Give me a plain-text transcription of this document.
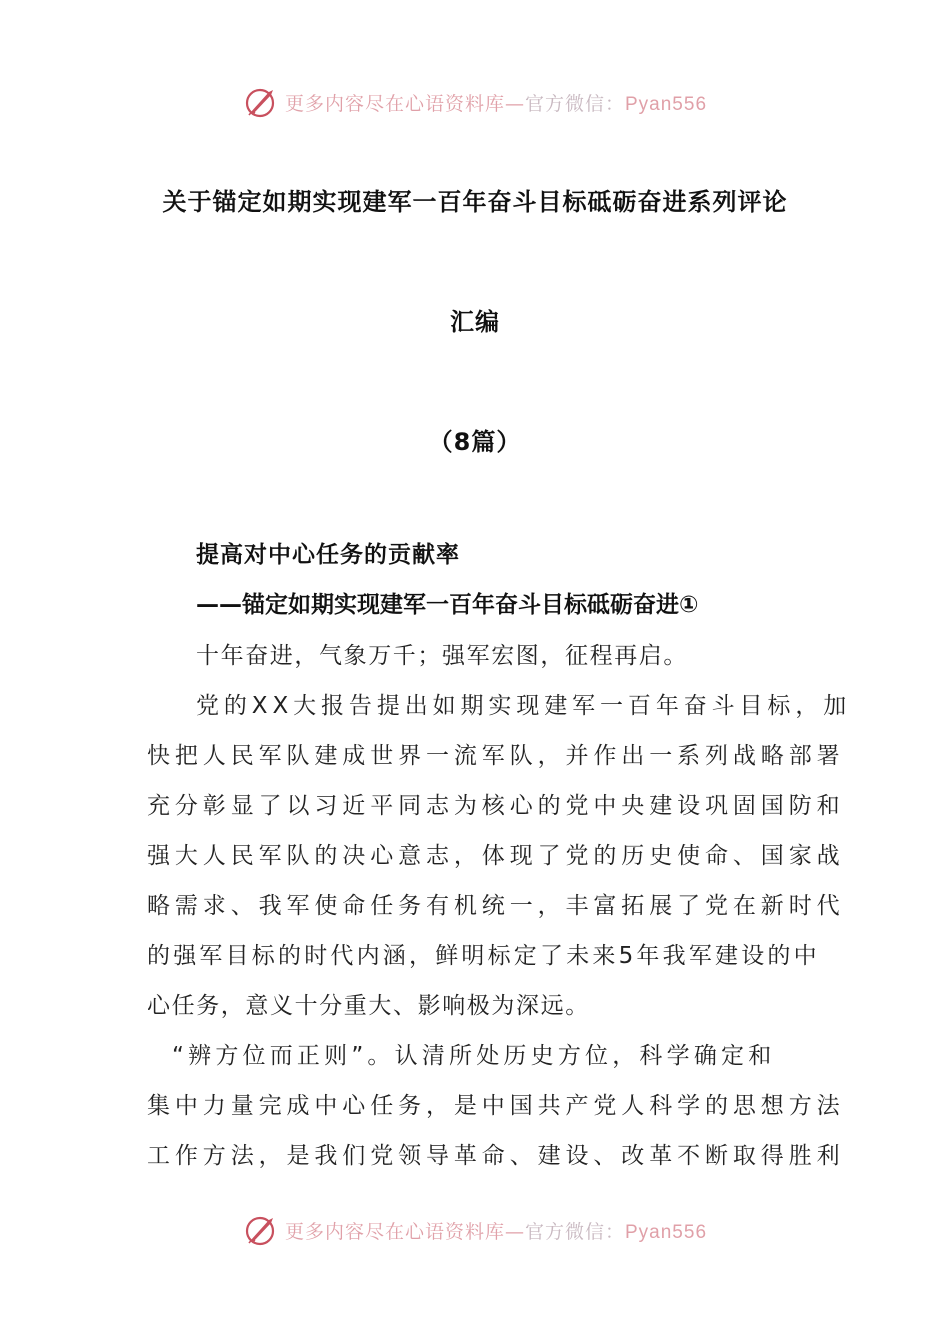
更多内容尽在心语资料库—官方微信：Pyan556
关于锚定如期实现建军一百年奋斗目标砥砺奋进系列评论
汇编
（8篇）
提高对中心任务的贡献率
——锚定如期实现建军一百年奋斗目标砥砺奋进①
十年奋进，气象万千；强军宏图，征程再启。
党的XX大报告提出如期实现建军一百年奋斗目标，加
快把人民军队建成世界一流军队，并作出一系列战略部署
充分彰显了以习近平同志为核心的党中央建设巩固国防和
强大人民军队的决心意志，体现了党的历史使命、国家战
略需求、我军使命任务有机统一，丰富拓展了党在新时代
的强军目标的时代内涵，鲜明标定了未来5年我军建设的中
心任务，意义十分重大、影响极为深远。
“辨方位而正则”。认清所处历史方位，科学确定和
集中力量完成中心任务，是中国共产党人科学的思想方法
工作方法，是我们党领导革命、建设、改革不断取得胜利
更多内容尽在心语资料库—官方微信：Pyan556
